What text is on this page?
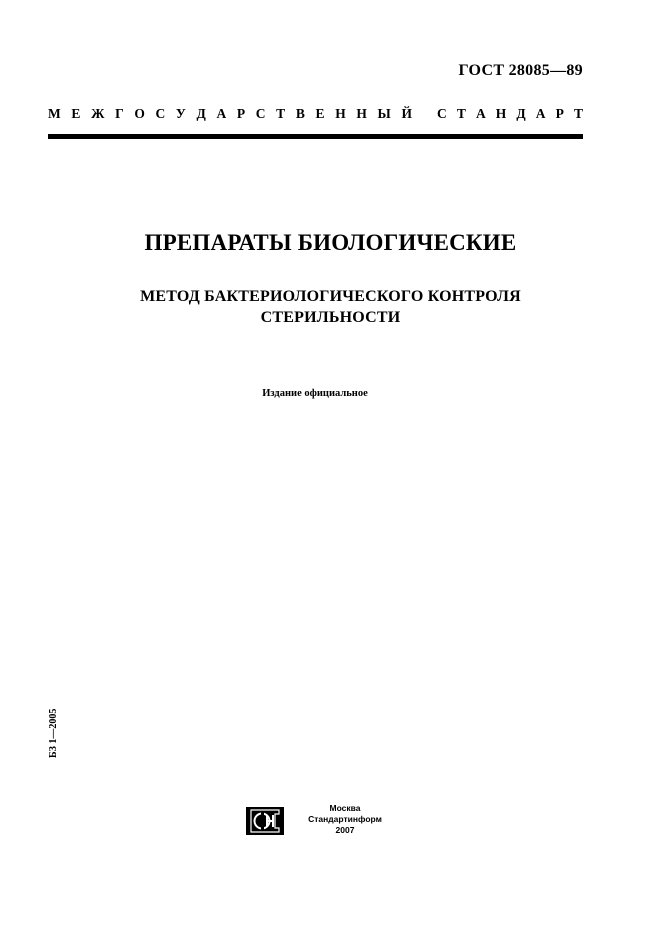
ГОСТ 28085—89
М Е Ж Г О С У Д А Р С Т В Е Н Н Ы Й С Т А Н Д А Р Т
ПРЕПАРАТЫ БИОЛОГИЧЕСКИЕ
МЕТОД БАКТЕРИОЛОГИЧЕСКОГО КОНТРОЛЯ
СТЕРИЛЬНОСТИ
Издание официальное
БЗ 1—2005
Москва
Стандартинформ
2007
